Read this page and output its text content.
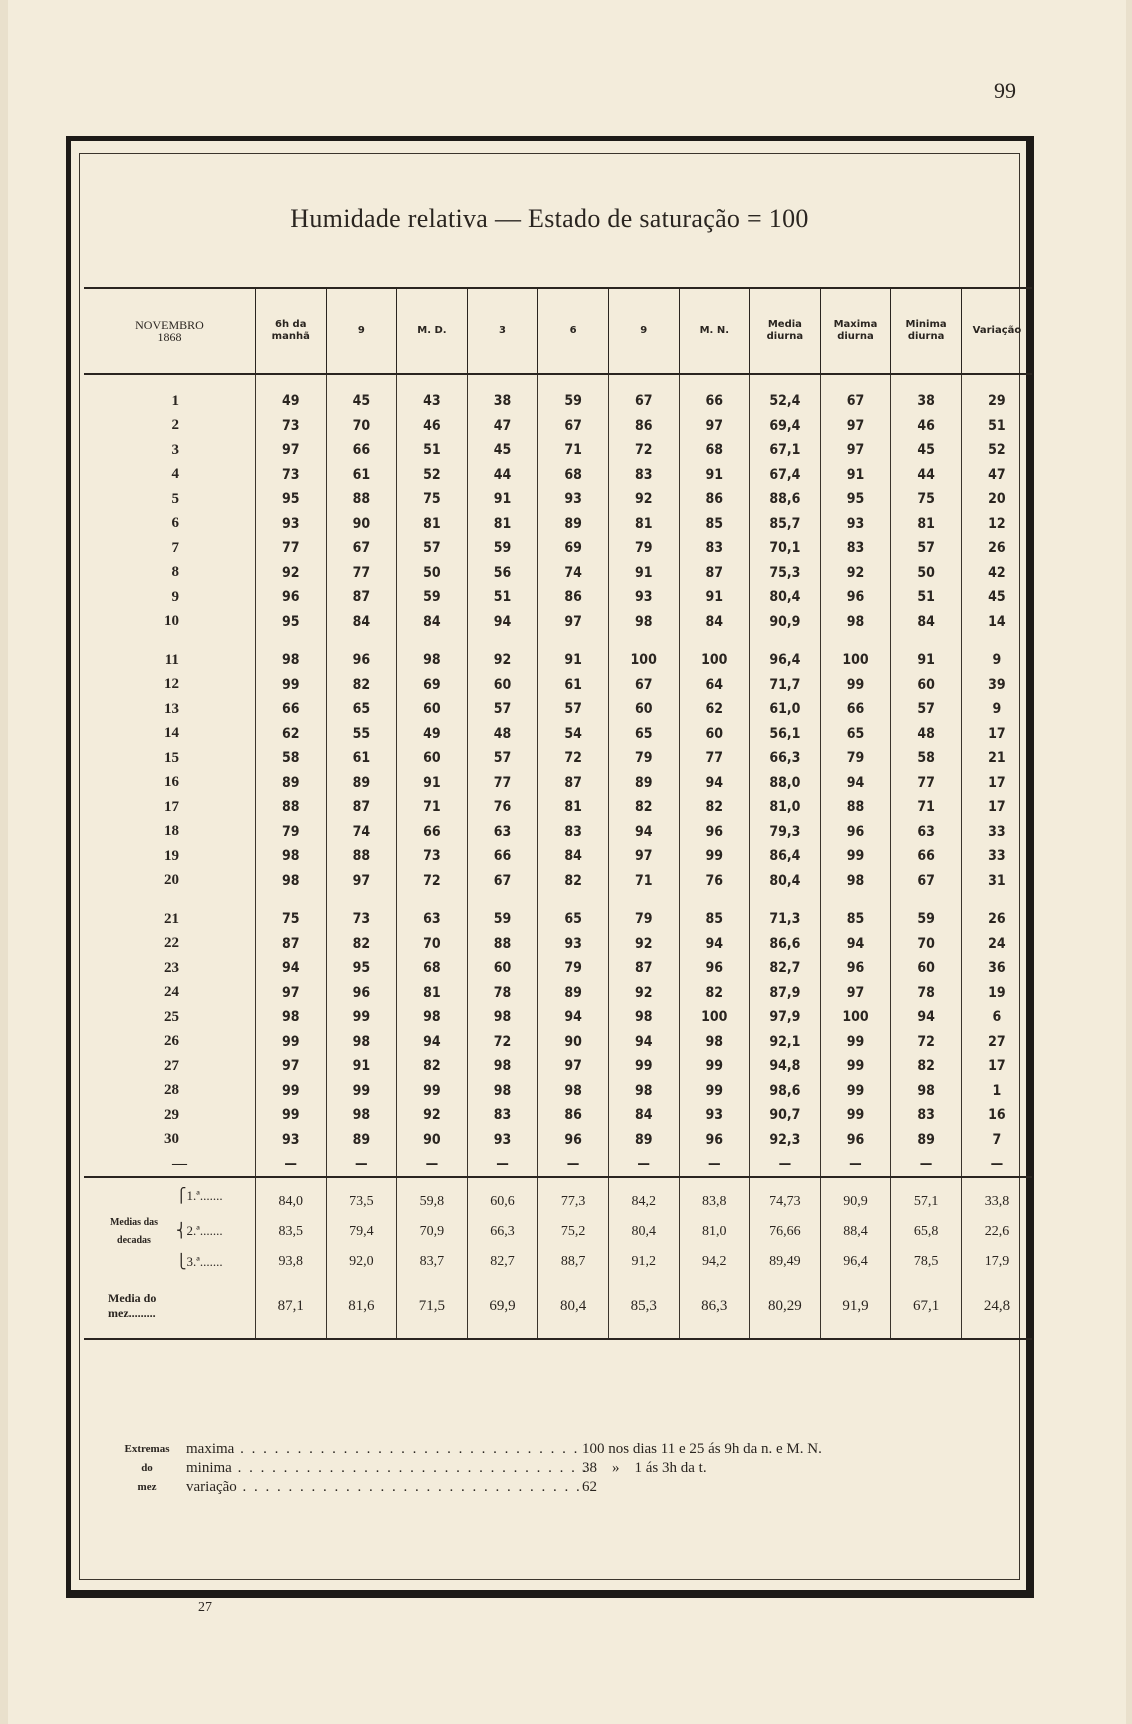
99
Humidade relativa — Estado de saturação = 100
NOVEMBRO
1868	6h da manhã	9	M. D.	3	6	9	M. N.	Media diurna	Maxima diurna	Minima diurna	Variação
1	49	45	43	38	59	67	66	52,4	67	38	29
2	73	70	46	47	67	86	97	69,4	97	46	51
3	97	66	51	45	71	72	68	67,1	97	45	52
4	73	61	52	44	68	83	91	67,4	91	44	47
5	95	88	75	91	93	92	86	88,6	95	75	20
6	93	90	81	81	89	81	85	85,7	93	81	12
7	77	67	57	59	69	79	83	70,1	83	57	26
8	92	77	50	56	74	91	87	75,3	92	50	42
9	96	87	59	51	86	93	91	80,4	96	51	45
10	95	84	84	94	97	98	84	90,9	98	84	14
11	98	96	98	92	91	100	100	96,4	100	91	9
12	99	82	69	60	61	67	64	71,7	99	60	39
13	66	65	60	57	57	60	62	61,0	66	57	9
14	62	55	49	48	54	65	60	56,1	65	48	17
15	58	61	60	57	72	79	77	66,3	79	58	21
16	89	89	91	77	87	89	94	88,0	94	77	17
17	88	87	71	76	81	82	82	81,0	88	71	17
18	79	74	66	63	83	94	96	79,3	96	63	33
19	98	88	73	66	84	97	99	86,4	99	66	33
20	98	97	72	67	82	71	76	80,4	98	67	31
21	75	73	63	59	65	79	85	71,3	85	59	26
22	87	82	70	88	93	92	94	86,6	94	70	24
23	94	95	68	60	79	87	96	82,7	96	60	36
24	97	96	81	78	89	92	82	87,9	97	78	19
25	98	99	98	98	94	98	100	97,9	100	94	6
26	99	98	94	72	90	94	98	92,1	99	72	27
27	97	91	82	98	97	99	99	94,8	99	82	17
28	99	99	99	98	98	98	99	98,6	99	98	1
29	99	98	92	83	86	84	93	90,7	99	83	16
30	93	89	90	93	96	89	96	92,3	96	89	7
—	—	—	—	—	—	—	—	—	—	—	—
⎧1.ª.......	84,0	73,5	59,8	60,6	77,3	84,2	83,8	74,73	90,9	57,1	33,8

Medias das
decadas
⎨2.ª.......	83,5	79,4	70,9	66,3	75,2	80,4	81,0	76,66	88,4	65,8	22,6
⎩3.ª.......	93,8	92,0	83,7	82,7	88,7	91,2	94,2	89,49	96,4	78,5	17,9
Media do mez.........	87,1	81,6	71,5	69,9	80,4	85,3	86,3	80,29	91,9	67,1	24,8
Extremas
do
mez
maxima . . . . . . . . . . . . . . . . . . . . . . . . . . . . . . 100 nos dias 11 e 25 ás 9h da n. e M. N.
minima . . . . . . . . . . . . . . . . . . . . . . . . . . . . . . .
38    »    1 ás 3h da t.
variação . . . . . . . . . . . . . . . . . . . . . . . . . . . . . . 62
27
